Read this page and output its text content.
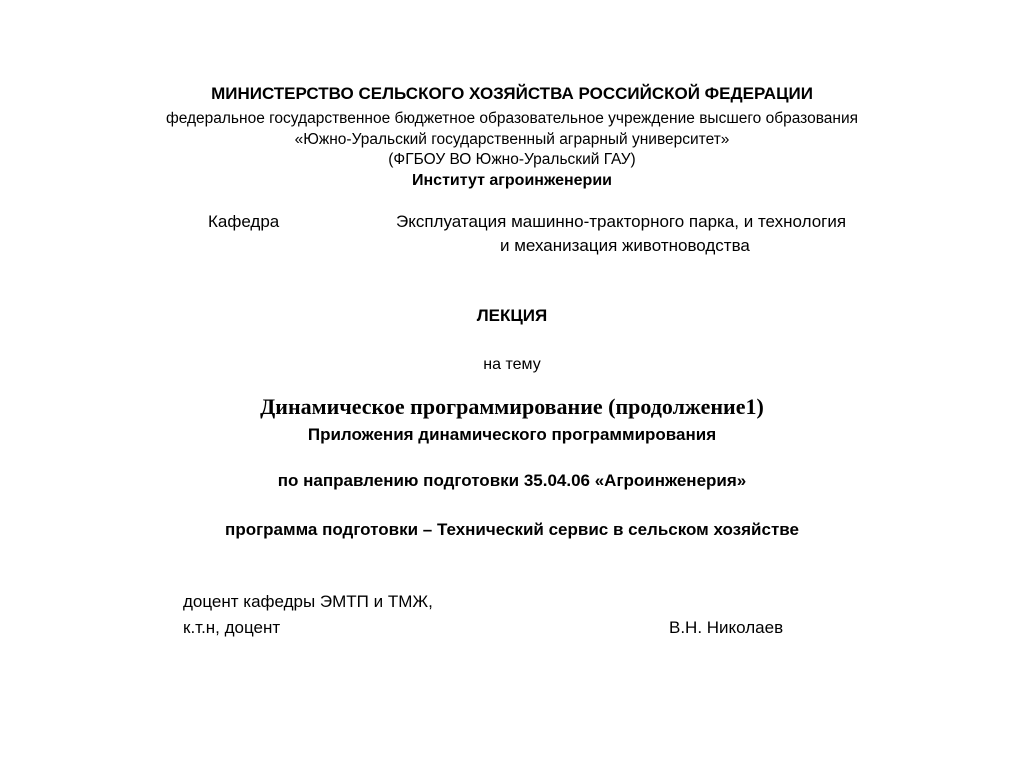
МИНИСТЕРСТВО СЕЛЬСКОГО ХОЗЯЙСТВА РОССИЙСКОЙ ФЕДЕРАЦИИ
федеральное государственное бюджетное образовательное учреждение высшего образования
«Южно-Уральский государственный аграрный университет»
(ФГБОУ ВО Южно-Уральский ГАУ)
Институт агроинженерии
Кафедра	Эксплуатация машинно-тракторного парка, и технология
и механизация животноводства
ЛЕКЦИЯ
на тему
Динамическое программирование (продолжение1)
Приложения динамического программирования
по направлению подготовки 35.04.06 «Агроинженерия»
программа подготовки – Технический сервис в сельском хозяйстве
доцент кафедры ЭМТП и ТМЖ,
к.т.н, доцент	В.Н. Николаев
